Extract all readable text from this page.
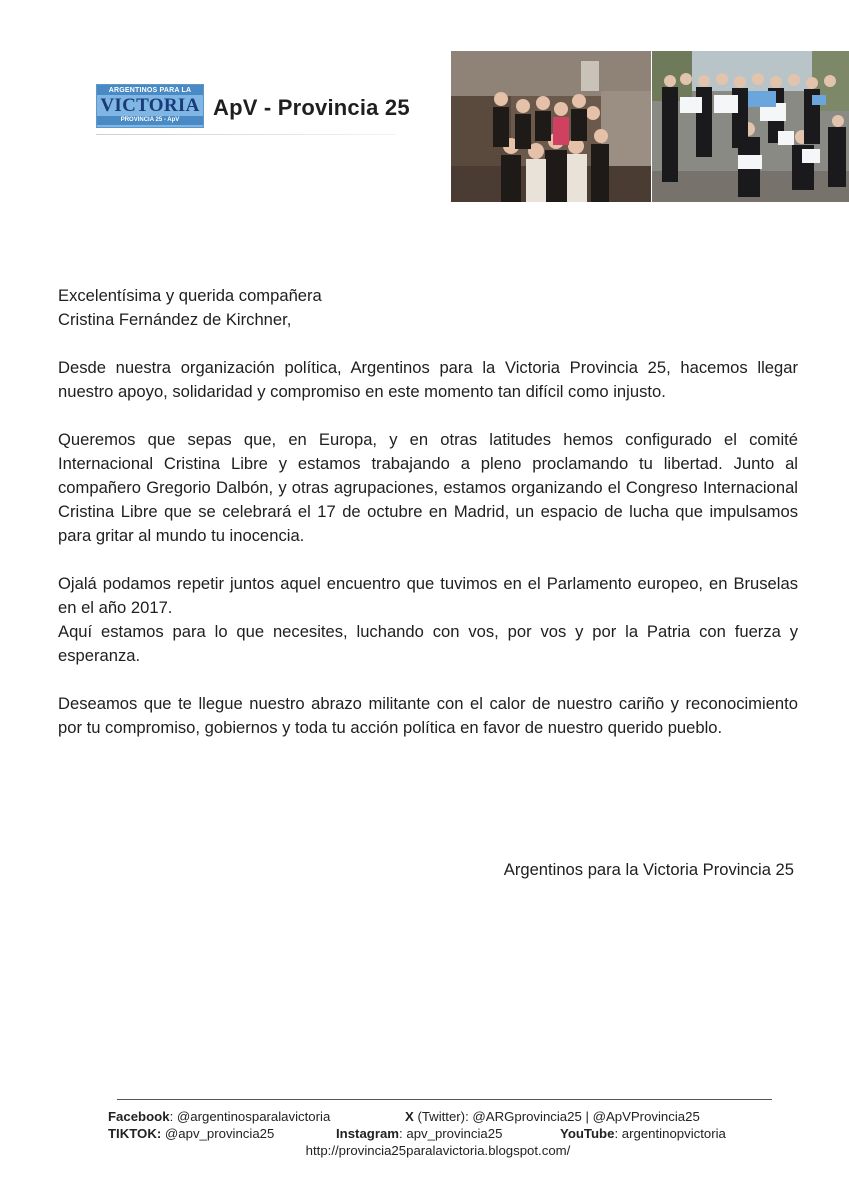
ARGENTINOS PARA LA
VICTORIA
PROVINCIA 25 - ApV	ApV - Provincia 25

Excelentísima y querida compañera
Cristina Fernández de Kirchner,

Desde nuestra organización política, Argentinos para la Victoria Provincia 25, hacemos llegar nuestro apoyo, solidaridad y compromiso en este momento tan difícil como injusto.

Queremos que sepas que, en Europa, y en otras latitudes hemos configurado el comité Internacional Cristina Libre y estamos trabajando a pleno proclamando tu libertad. Junto al compañero Gregorio Dalbón, y otras agrupaciones, estamos organizando el Congreso Internacional Cristina Libre que se celebrará el 17 de octubre en Madrid, un espacio de lucha que impulsamos para gritar al mundo tu inocencia.

Ojalá podamos repetir juntos aquel encuentro que tuvimos en el Parlamento europeo, en Bruselas en el año 2017.
Aquí estamos para lo que necesites, luchando con vos, por vos y por la Patria con fuerza y esperanza.

Deseamos que te llegue nuestro abrazo militante con el calor de nuestro cariño y reconocimiento por tu compromiso, gobiernos y toda tu acción política en favor de nuestro querido pueblo.

Argentinos para la Victoria Provincia 25
Facebook: @argentinosparalavictoria	X (Twitter): @ARGprovincia25 | @ApVProvincia25
TIKTOK: @apv_provincia25	Instagram: apv_provincia25	YouTube: argentinopvictoria
http://provincia25paralavictoria.blogspot.com/
